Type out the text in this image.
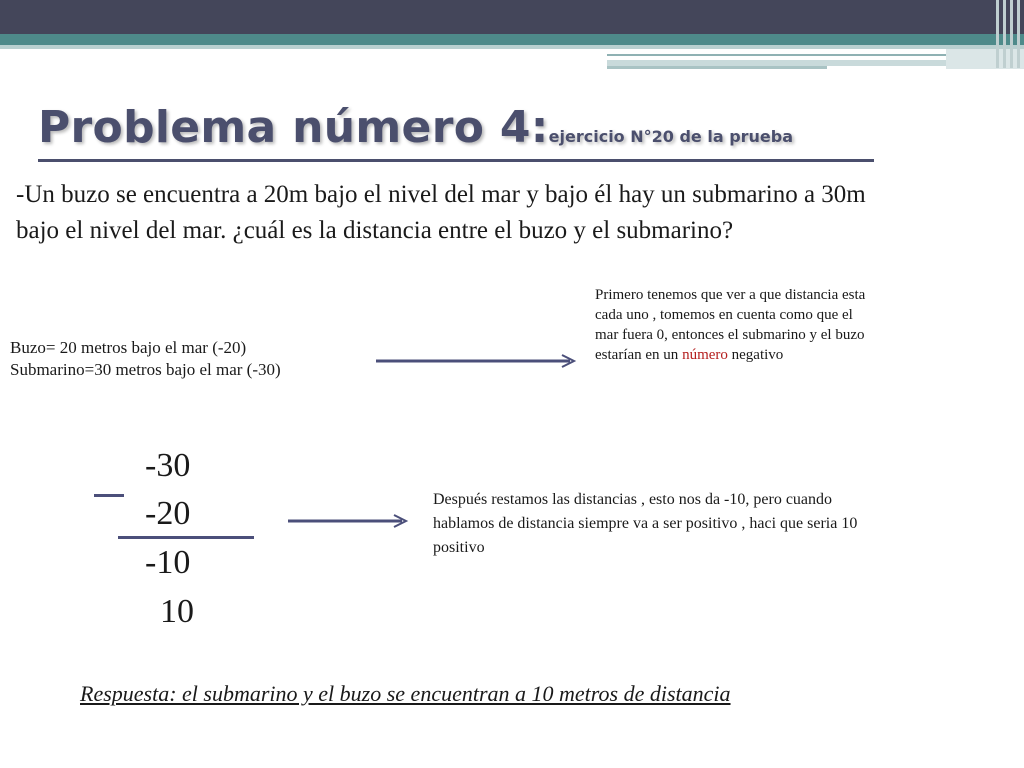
Problema número 4:ejercicio N°20 de la prueba
-Un buzo se encuentra a 20m bajo el nivel del mar y bajo él hay un submarino a 30m bajo el nivel del mar. ¿cuál es la distancia entre el buzo y el submarino?
Buzo= 20 metros bajo el mar (-20)
Submarino=30 metros bajo el mar (-30)
Primero tenemos que ver a que distancia esta cada uno , tomemos en cuenta como que el mar fuera 0, entonces el submarino y el buzo estarían en un número negativo
-30
-20
-10
10
Después restamos las distancias , esto nos da -10, pero cuando hablamos de distancia siempre va a ser positivo , haci que seria 10 positivo
Respuesta: el submarino y el buzo se encuentran a 10 metros de distancia
